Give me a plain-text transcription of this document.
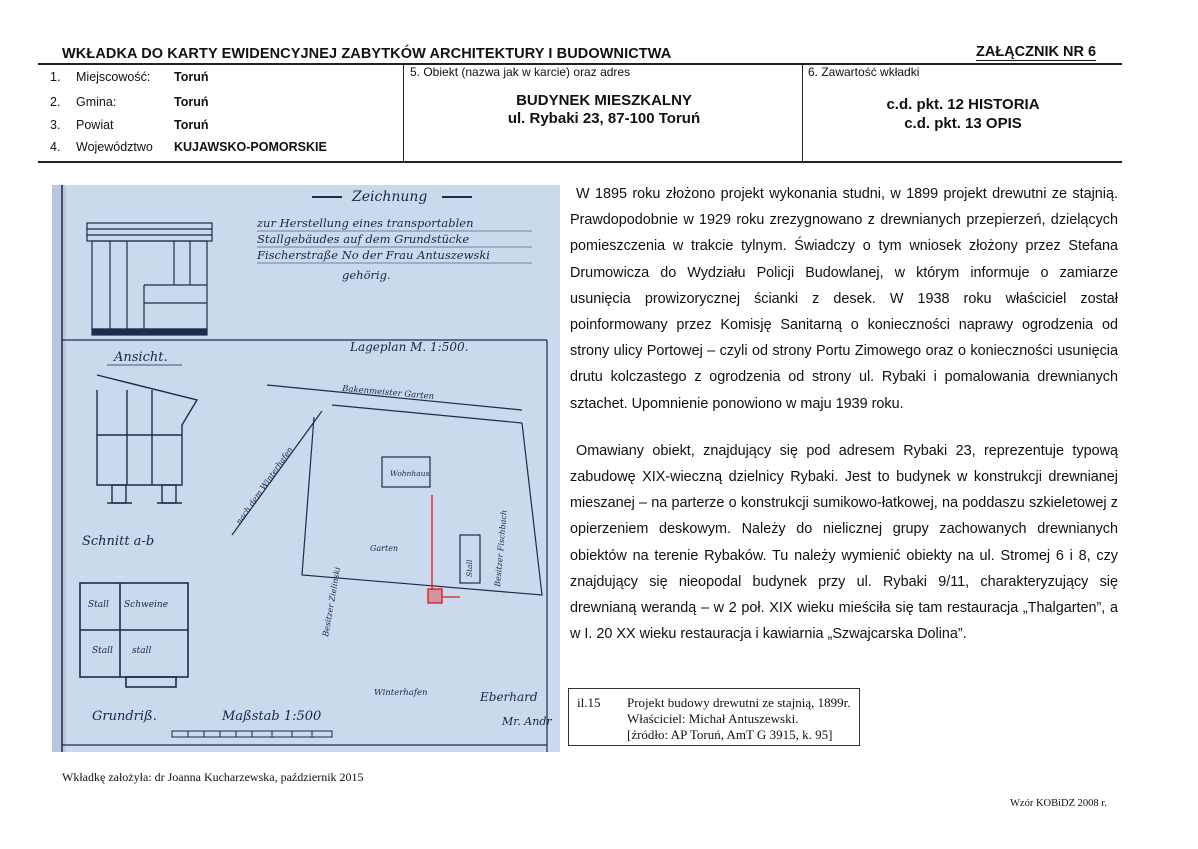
WKŁADKA DO KARTY EWIDENCYJNEJ ZABYTKÓW ARCHITEKTURY I BUDOWNICTWA	ZAŁĄCZNIK NR 6
1.	Miejscowość:	Toruń
2.	Gmina:	Toruń
3.	Powiat	Toruń
4.	Województwo	KUJAWSKO-POMORSKIE
5. Obiekt (nazwa jak w karcie) oraz adres
BUDYNEK MIESZKALNY
ul. Rybaki 23, 87-100 Toruń
6. Zawartość wkładki
c.d. pkt. 12 HISTORIA
c.d. pkt. 13 OPIS
Zeichnung
zur Herstellung eines transportablen
Stallgebäudes auf dem Grundstücke
Fischerstraße No der Frau Antuszewski
gehörig.
Ansicht.
Schnitt a-b
Stall Schweine
Stall stall
Grundriß.	Maßstab 1:500
Lageplan M. 1:500.
Bakenmeister Garten
Wohnhaus
Stall
Garten
Winterhafen
nach dem Winterhafen
Besitzer Zielinski
Besitzer Fischbach
Eberhard
Mr. Andr

W 1895 roku złożono projekt wykonania studni, w 1899 projekt drewutni ze stajnią. Prawdopodobnie w 1929 roku zrezygnowano z drewnianych przepierzeń, dzielących pomieszczenia w trakcie tylnym. Świadczy o tym wniosek złożony przez Stefana Drumowicza do Wydziału Policji Budowlanej, w którym informuje o zamiarze usunięcia prowizorycznej ścianki z desek. W 1938 roku właściciel został poinformowany przez Komisję Sanitarną o konieczności naprawy ogrodzenia od strony ulicy Portowej – czyli od strony Portu Zimowego oraz o konieczności usunięcia drutu kolczastego z ogrodzenia od strony ul. Rybaki i pomalowania drewnianych sztachet. Upomnienie ponowiono w maju 1939 roku.

Omawiany obiekt, znajdujący się pod adresem Rybaki 23, reprezentuje typową zabudowę XIX-wieczną dzielnicy Rybaki. Jest to budynek w konstrukcji drewnianej mieszanej – na parterze o konstrukcji sumikowo-łatkowej, na poddaszu szkieletowej z opierzeniem deskowym. Należy do nielicznej grupy zachowanych drewnianych obiektów na terenie Rybaków. Tu należy wymienić obiekty na ul. Stromej 6 i 8, czy znajdujący się nieopodal budynek przy ul. Rybaki 9/11, charakteryzujący się drewnianą werandą – w 2 poł. XIX wieku mieściła się tam restauracja „Thalgarten”, a w I. 20 XX wieku restauracja i kawiarnia „Szwajcarska Dolina”.

il.15 Projekt budowy drewutni ze stajnią, 1899r.
Właściciel: Michał Antuszewski.
[źródło: AP Toruń, AmT G 3915, k. 95]
Wkładkę założyła: dr Joanna Kucharzewska, październik 2015
Wzór KOBiDZ 2008 r.
